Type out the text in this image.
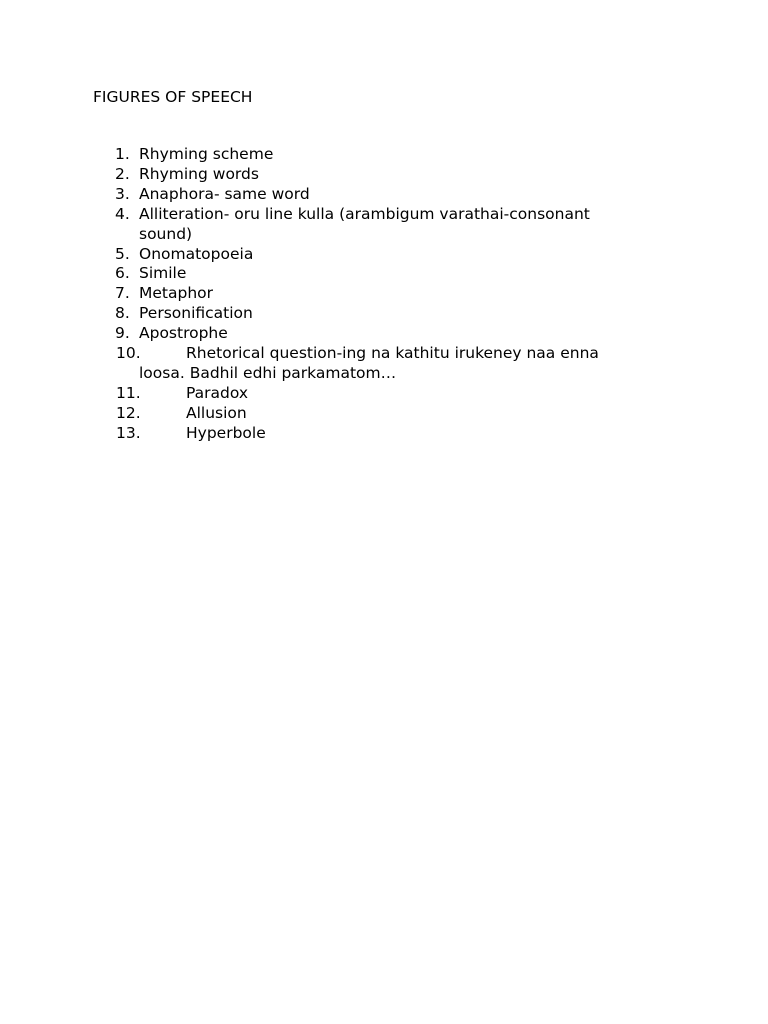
FIGURES OF SPEECH
1. Rhyming scheme
2. Rhyming words
3. Anaphora- same word
4. Alliteration- oru line kulla (arambigum varathai-consonant sound)
5. Onomatopoeia
6. Simile
7. Metaphor
8. Personification
9. Apostrophe
10.	Rhetorical question-ing na kathitu irukeney naa enna loosa. Badhil edhi parkamatom…
11.	Paradox
12.	Allusion
13.	Hyperbole
